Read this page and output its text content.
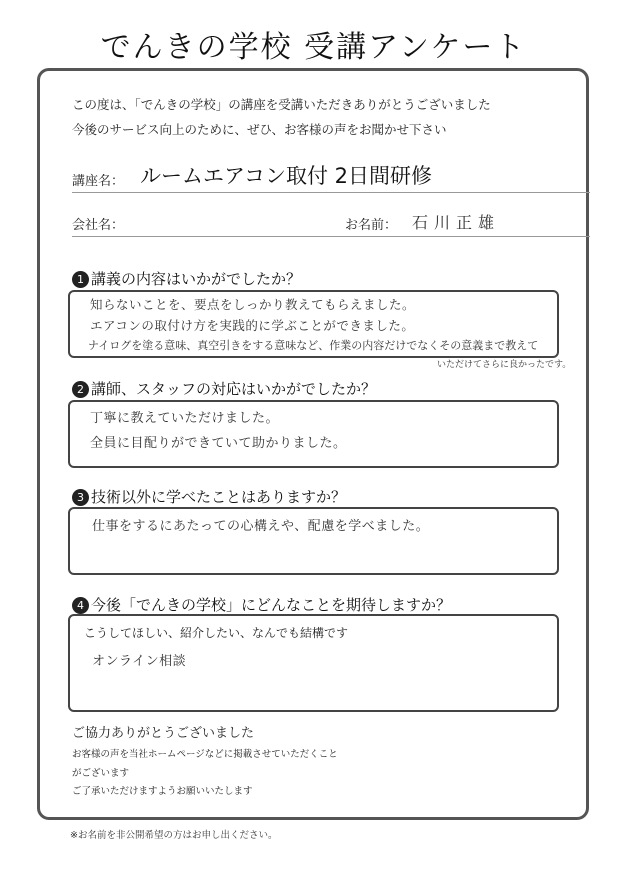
でんきの学校 受講アンケート
この度は、「でんきの学校」の講座を受講いただきありがとうございました
今後のサービス向上のために、ぜひ、お客様の声をお聞かせ下さい
講座名： ルームエアコン取付 2日間研修
会社名：	お名前： 石川正雄
1 講義の内容はいかがでしたか？
知らないことを、要点をしっかり教えてもらえました。
エアコンの取付け方を実践的に学ぶことができました。
ナイログを塗る意味、真空引きをする意味など、作業の内容だけでなくその意義まで教えて
いただけてさらに良かったです。
2 講師、スタッフの対応はいかがでしたか？
丁寧に教えていただけました。
全員に目配りができていて助かりました。
3 技術以外に学べたことはありますか？
仕事をするにあたっての心構えや、配慮を学べました。
4 今後「でんきの学校」にどんなことを期待しますか？
こうしてほしい、紹介したい、なんでも結構です
オンライン相談
ご協力ありがとうございました
お客様の声を当社ホームページなどに掲載させていただくこと
がございます
ご了承いただけますようお願いいたします
※お名前を非公開希望の方はお申し出ください。
